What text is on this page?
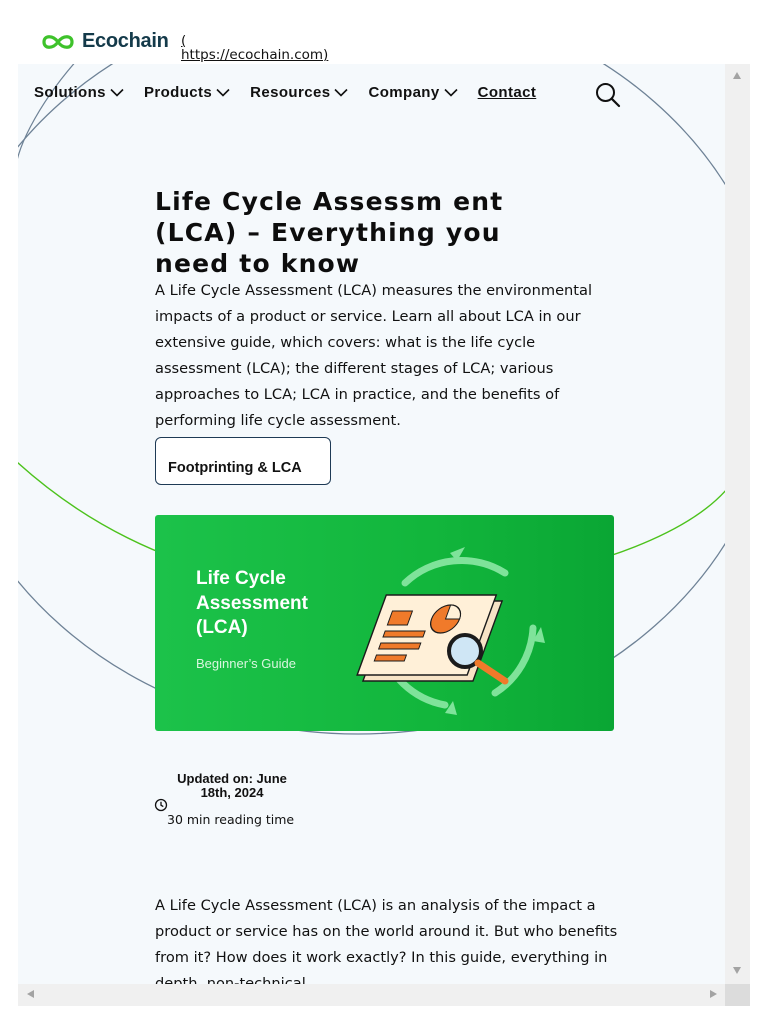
Ecochain ( https://ecochain.com)
Solutions	Products	Resources	Company	Contact
Life Cycle Assessm ent (LCA) – Everything you need to know

A Life Cycle Assessment (LCA) measures the environmental impacts of a product or service. Learn all about LCA in our extensive guide, which covers: what is the life cycle assessment (LCA); the different stages of LCA; various approaches to LCA; LCA in practice, and the benefits of performing life cycle assessment.

Footprinting & LCA
Life Cycle Assessment (LCA)
Beginner’s Guide
Updated on: June 18th, 2024
30 min reading time

A Life Cycle Assessment (LCA) is an analysis of the impact a product or service has on the world around it. But who benefits from it? How does it work exactly? In this guide, everything in
